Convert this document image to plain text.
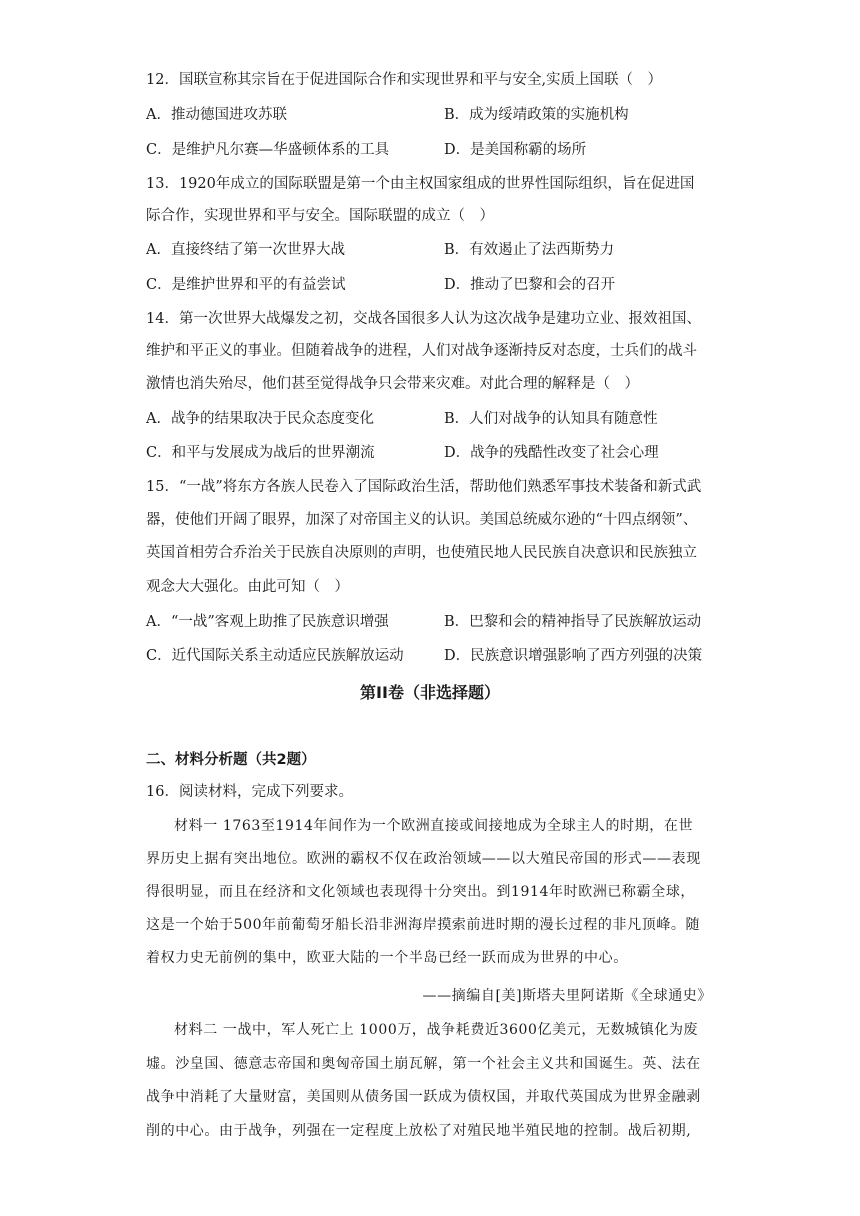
12．国联宣称其宗旨在于促进国际合作和实现世界和平与安全,实质上国联（　）
A．推动德国进攻苏联	B．成为绥靖政策的实施机构
C．是维护凡尔赛—华盛顿体系的工具	D．是美国称霸的场所
13．1920年成立的国际联盟是第一个由主权国家组成的世界性国际组织，旨在促进国
际合作，实现世界和平与安全。国际联盟的成立（　）
A．直接终结了第一次世界大战	B．有效遏止了法西斯势力
C．是维护世界和平的有益尝试	D．推动了巴黎和会的召开
14．第一次世界大战爆发之初，交战各国很多人认为这次战争是建功立业、报效祖国、
维护和平正义的事业。但随着战争的进程，人们对战争逐渐持反对态度，士兵们的战斗
激情也消失殆尽，他们甚至觉得战争只会带来灾难。对此合理的解释是（　）
A．战争的结果取决于民众态度变化	B．人们对战争的认知具有随意性
C．和平与发展成为战后的世界潮流	D．战争的残酷性改变了社会心理
15．“一战”将东方各族人民卷入了国际政治生活，帮助他们熟悉军事技术装备和新式武
器，使他们开阔了眼界，加深了对帝国主义的认识。美国总统威尔逊的“十四点纲领”、
英国首相劳合乔治关于民族自决原则的声明，也使殖民地人民民族自决意识和民族独立
观念大大强化。由此可知（　）
A．“一战”客观上助推了民族意识增强	B．巴黎和会的精神指导了民族解放运动
C．近代国际关系主动适应民族解放运动	D．民族意识增强影响了西方列强的决策
第II卷（非选择题）
二、材料分析题（共2题）
16．阅读材料，完成下列要求。
材料一 1763至1914年间作为一个欧洲直接或间接地成为全球主人的时期，在世
界历史上据有突出地位。欧洲的霸权不仅在政治领域——以大殖民帝国的形式——表现
得很明显，而且在经济和文化领域也表现得十分突出。到1914年时欧洲已称霸全球，
这是一个始于500年前葡萄牙船长沿非洲海岸摸索前进时期的漫长过程的非凡顶峰。随
着权力史无前例的集中，欧亚大陆的一个半岛已经一跃而成为世界的中心。
——摘编自[美]斯塔夫里阿诺斯《全球通史》
材料二 一战中，军人死亡上 1000万，战争耗费近3600亿美元，无数城镇化为废
墟。沙皇国、德意志帝国和奥匈帝国土崩瓦解，第一个社会主义共和国诞生。英、法在
战争中消耗了大量财富，美国则从债务国一跃成为债权国，并取代英国成为世界金融剥
削的中心。由于战争，列强在一定程度上放松了对殖民地半殖民地的控制。战后初期,
